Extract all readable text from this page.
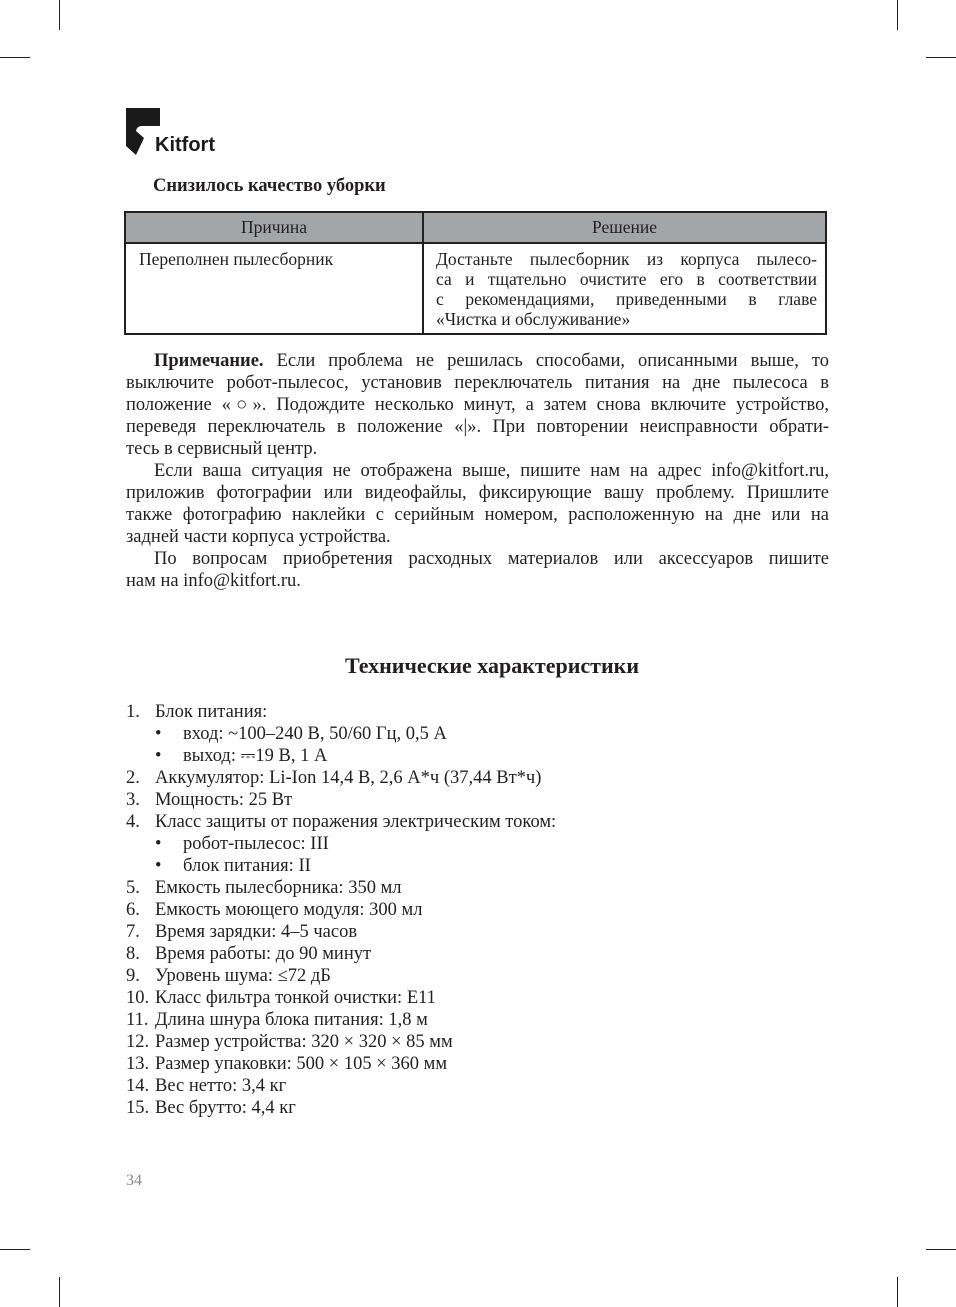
Kitfort
Снизилось качество уборки
Причина	Решение

Переполнен пылесборник	Достаньте пылесборник из корпуса пылесо-
са и тщательно очистите его в соответствии
с рекомендациями, приведенными в главе
«Чистка и обслуживание»
Примечание. Если проблема не решилась способами, описанными выше, то
выключите робот-пылесос, установив переключатель питания на дне пылесоса в
положение «○». Подождите несколько минут, а затем снова включите устройство,
переведя переключатель в положение «|». При повторении неисправности обрати-
тесь в сервисный центр.
Если ваша ситуация не отображена выше, пишите нам на адрес info@kitfort.ru,
приложив фотографии или видеофайлы, фиксирующие вашу проблему. Пришлите
также фотографию наклейки с серийным номером, расположенную на дне или на
задней части корпуса устройства.
По вопросам приобретения расходных материалов или аксессуаров пишите
нам на info@kitfort.ru.
Технические характеристики
1. Блок питания:
• вход: ~100–240 В, 50/60 Гц, 0,5 А
• выход: ⎓19 В, 1 А
2. Аккумулятор: Li-Ion 14,4 В, 2,6 А*ч (37,44 Вт*ч)
3. Мощность: 25 Вт
4. Класс защиты от поражения электрическим током:
• робот-пылесос: III
• блок питания: II
5. Емкость пылесборника: 350 мл
6. Емкость моющего модуля: 300 мл
7. Время зарядки: 4–5 часов
8. Время работы: до 90 минут
9. Уровень шума: ≤72 дБ
10. Класс фильтра тонкой очистки: E11
11. Длина шнура блока питания: 1,8 м
12. Размер устройства: 320 × 320 × 85 мм
13. Размер упаковки: 500 × 105 × 360 мм
14. Вес нетто: 3,4 кг
15. Вес брутто: 4,4 кг
34
